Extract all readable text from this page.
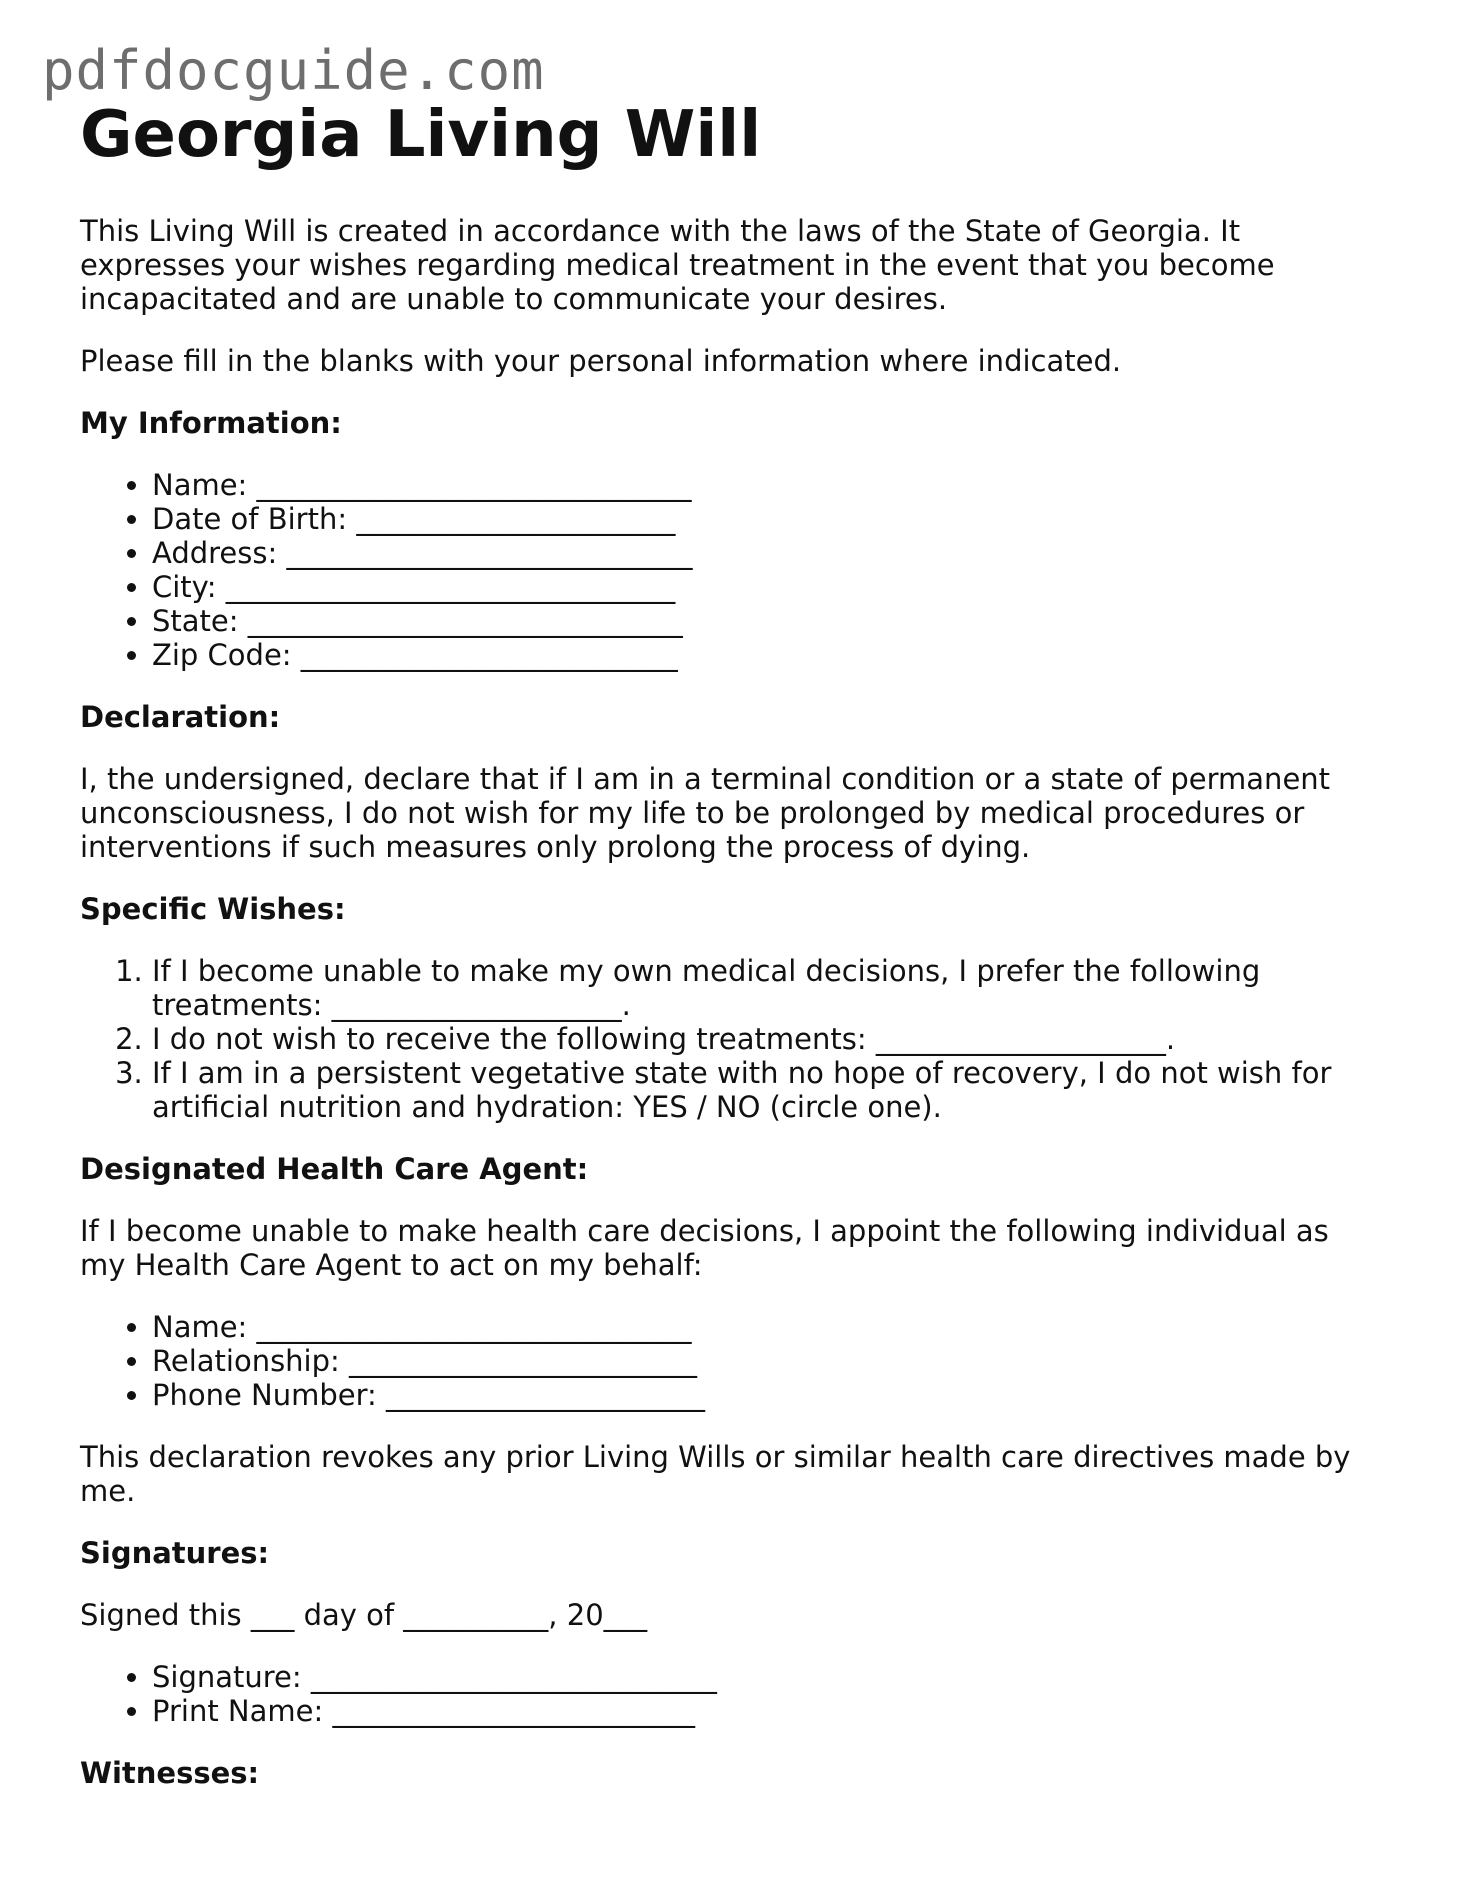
pdfdocguide.com
Georgia Living Will

This Living Will is created in accordance with the laws of the State of Georgia. It expresses your wishes regarding medical treatment in the event that you become incapacitated and are unable to communicate your desires.

Please fill in the blanks with your personal information where indicated.

My Information:

• Name: ______________________________
• Date of Birth: ______________________
• Address: ____________________________
• City: _______________________________
• State: ______________________________
• Zip Code: __________________________

Declaration:

I, the undersigned, declare that if I am in a terminal condition or a state of permanent unconsciousness, I do not wish for my life to be prolonged by medical procedures or interventions if such measures only prolong the process of dying.

Specific Wishes:

1. If I become unable to make my own medical decisions, I prefer the following treatments: ____________________.
2. I do not wish to receive the following treatments: ____________________.
3. If I am in a persistent vegetative state with no hope of recovery, I do not wish for artificial nutrition and hydration: YES / NO (circle one).

Designated Health Care Agent:

If I become unable to make health care decisions, I appoint the following individual as my Health Care Agent to act on my behalf:

• Name: ______________________________
• Relationship: ________________________
• Phone Number: ______________________

This declaration revokes any prior Living Wills or similar health care directives made by me.

Signatures:

Signed this ___ day of __________, 20___

• Signature: ____________________________
• Print Name: _________________________

Witnesses:
